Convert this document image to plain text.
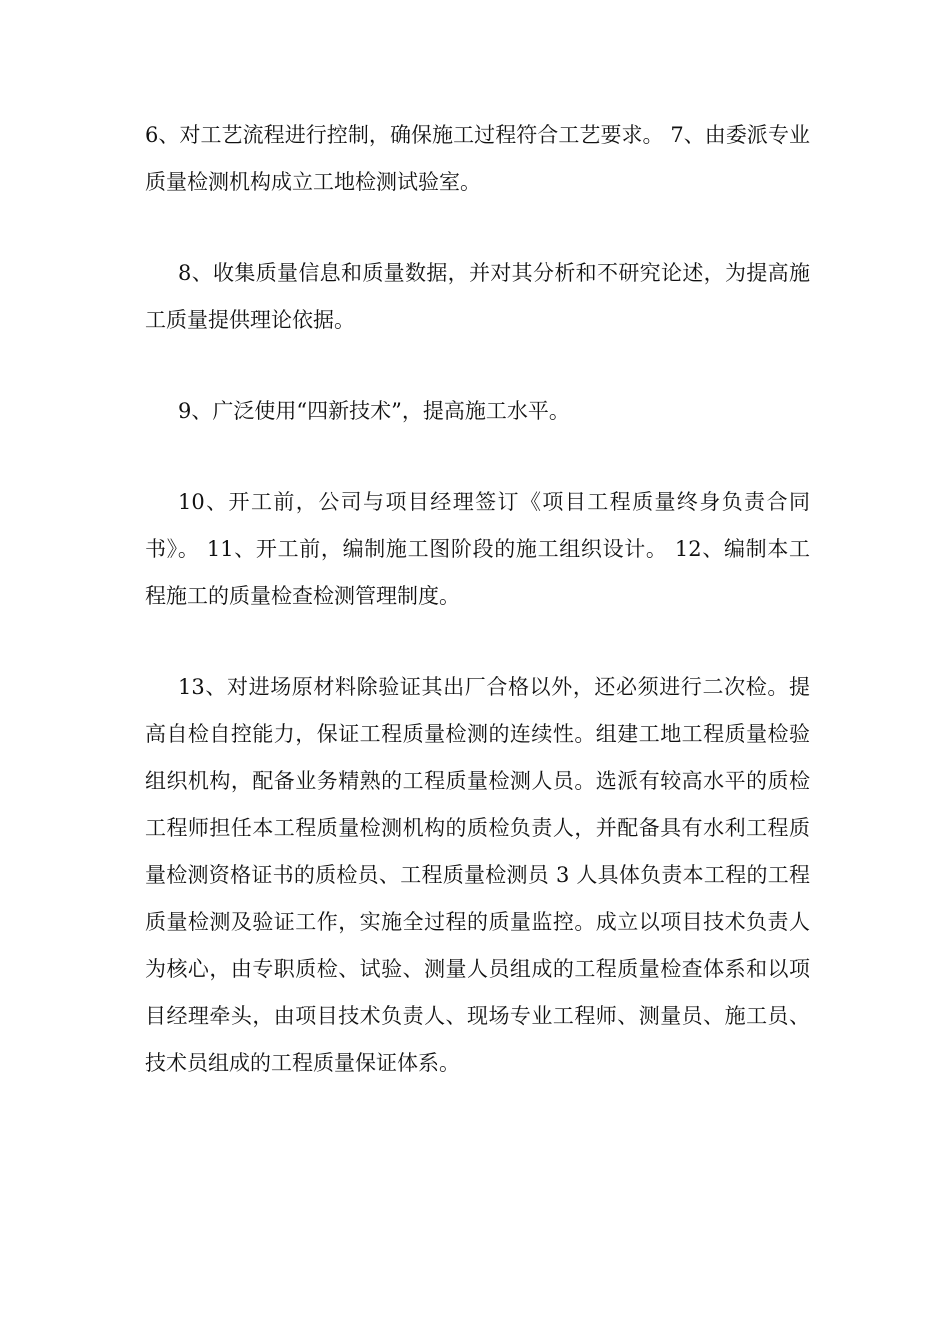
6、对工艺流程进行控制，确保施工过程符合工艺要求。 7、由委派专业质量检测机构成立工地检测试验室。

8、收集质量信息和质量数据，并对其分析和不研究论述，为提高施工质量提供理论依据。

9、广泛使用“四新技术”，提高施工水平。

10、开工前，公司与项目经理签订《项目工程质量终身负责合同书》。 11、开工前，编制施工图阶段的施工组织设计。 12、编制本工程施工的质量检查检测管理制度。

13、对进场原材料除验证其出厂合格以外，还必须进行二次检。提高自检自控能力，保证工程质量检测的连续性。组建工地工程质量检验组织机构，配备业务精熟的工程质量检测人员。选派有较高水平的质检工程师担任本工程质量检测机构的质检负责人，并配备具有水利工程质量检测资格证书的质检员、工程质量检测员 3 人具体负责本工程的工程质量检测及验证工作，实施全过程的质量监控。成立以项目技术负责人为核心，由专职质检、试验、测量人员组成的工程质量检查体系和以项目经理牵头，由项目技术负责人、现场专业工程师、测量员、施工员、技术员组成的工程质量保证体系。
